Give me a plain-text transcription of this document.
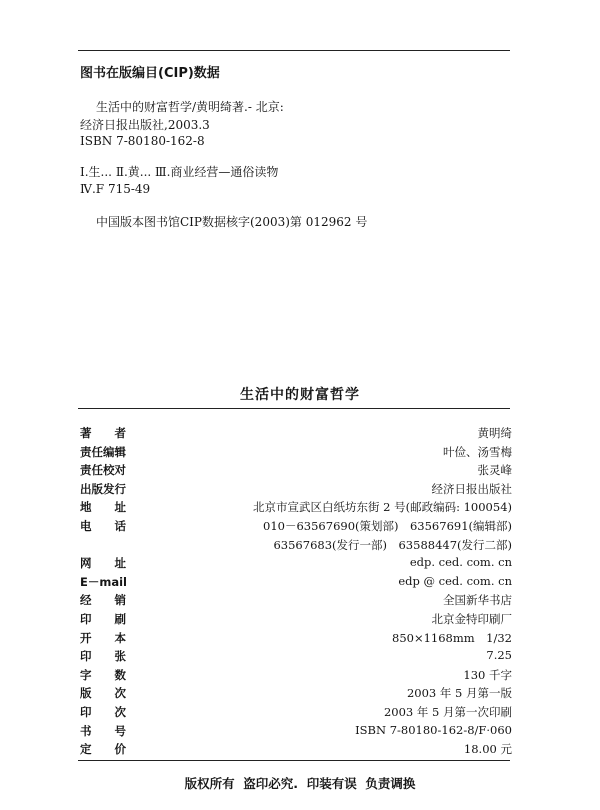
图书在版编目(CIP)数据
生活中的财富哲学/黄明绮著.- 北京:
经济日报出版社,2003.3
ISBN 7-80180-162-8
Ⅰ.生... Ⅱ.黄... Ⅲ.商业经营—通俗读物
Ⅳ.F 715-49
中国版本图书馆CIP数据核字(2003)第 012962 号
生活中的财富哲学
著　　者	黄明绮
责任编辑	叶俭、汤雪梅
责任校对	张灵峰
出版发行	经济日报出版社
地　　址	北京市宣武区白纸坊东街 2 号(邮政编码: 100054)
电　　话	010－63567690(策划部)　63567691(编辑部)
63567683(发行一部)　63588447(发行二部)
网　　址	edp. ced. com. cn
E－mail	edp @ ced. com. cn
经　　销	全国新华书店
印　　刷	北京金特印刷厂
开　　本	850×1168mm　1/32
印　　张	7.25
字　　数	130 千字
版　　次	2003 年 5 月第一版
印　　次	2003 年 5 月第一次印刷
书　　号	ISBN 7-80180-162-8/F·060
定　　价	18.00 元
版权所有  盗印必究.  印装有误  负责调换
